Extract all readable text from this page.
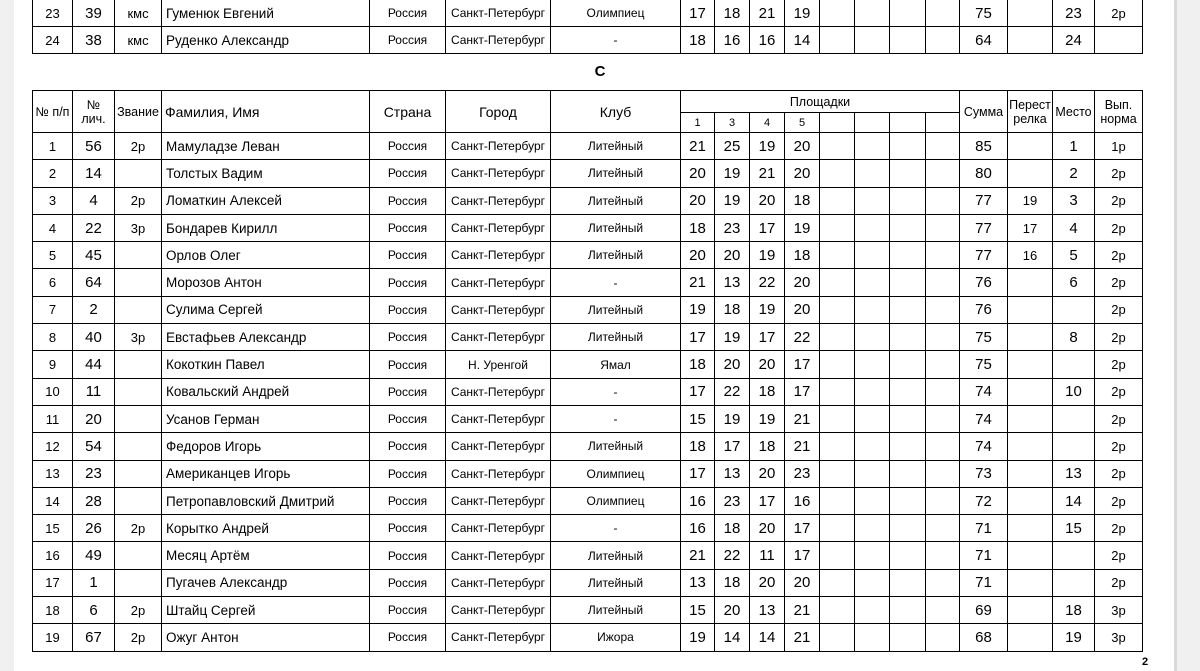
23	39	кмс	Гуменюк Евгений	Россия	Санкт-Петербург	Олимпиец	17	18	21	19					75		23	2р
24	38	кмс	Руденко Александр	Россия	Санкт-Петербург	-	18	16	16	14					64		24	
С
№ п/п	№ лич.	Звание	Фамилия, Имя	Страна	Город	Клуб	Площадки								Сумма	Перест релка	Место	Вып. норма
							1	3	4	5								
1	56	2р	Мамуладзе Леван	Россия	Санкт-Петербург	Литейный	21	25	19	20					85		1	1р
2	14		Толстых Вадим	Россия	Санкт-Петербург	Литейный	20	19	21	20					80		2	2р
3	4	2р	Ломаткин Алексей	Россия	Санкт-Петербург	Литейный	20	19	20	18					77	19	3	2р
4	22	3р	Бондарев Кирилл	Россия	Санкт-Петербург	Литейный	18	23	17	19					77	17	4	2р
5	45		Орлов Олег	Россия	Санкт-Петербург	Литейный	20	20	19	18					77	16	5	2р
6	64		Морозов Антон	Россия	Санкт-Петербург	-	21	13	22	20					76		6	2р
7	2		Сулима Сергей	Россия	Санкт-Петербург	Литейный	19	18	19	20					76			2р
8	40	3р	Евстафьев Александр	Россия	Санкт-Петербург	Литейный	17	19	17	22					75		8	2р
9	44		Кокоткин Павел	Россия	Н. Уренгой	Ямал	18	20	20	17					75			2р
10	11		Ковальский Андрей	Россия	Санкт-Петербург	-	17	22	18	17					74		10	2р
11	20		Усанов Герман	Россия	Санкт-Петербург	-	15	19	19	21					74			2р
12	54		Федоров Игорь	Россия	Санкт-Петербург	Литейный	18	17	18	21					74			2р
13	23		Американцев Игорь	Россия	Санкт-Петербург	Олимпиец	17	13	20	23					73		13	2р
14	28		Петропавловский Дмитрий	Россия	Санкт-Петербург	Олимпиец	16	23	17	16					72		14	2р
15	26	2р	Корытко Андрей	Россия	Санкт-Петербург	-	16	18	20	17					71		15	2р
16	49		Месяц Артём	Россия	Санкт-Петербург	Литейный	21	22	11	17					71			2р
17	1		Пугачев Александр	Россия	Санкт-Петербург	Литейный	13	18	20	20					71			2р
18	6	2р	Штайц Сергей	Россия	Санкт-Петербург	Литейный	15	20	13	21					69		18	3р
19	67	2р	Ожуг Антон	Россия	Санкт-Петербург	Ижора	19	14	14	21					68		19	3р
2
